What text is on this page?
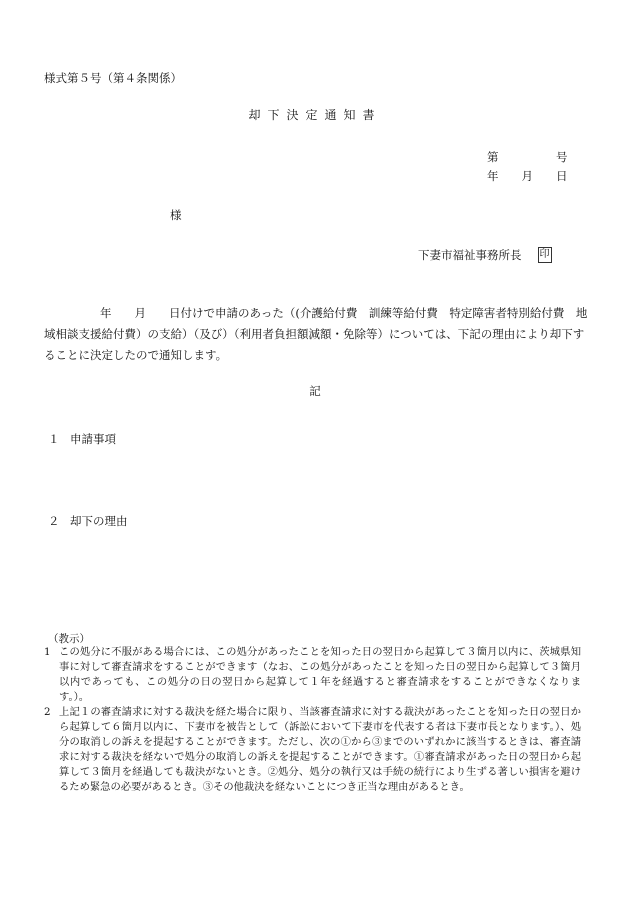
様式第５号（第４条関係）
却下決定通知書
第　　　　　号
年　　月　　日
様
下妻市福祉事務所長 印
年　　月　　日付けで申請のあった（(介護給付費　訓練等給付費　特定障害者特別給付費　地域相談支援給付費）の支給）（及び）（利用者負担額減額・免除等）については、下記の理由により却下することに決定したので通知します。
記
１ 申請事項
２ 却下の理由
（教示）
1 この処分に不服がある場合には、この処分があったことを知った日の翌日から起算して３箇月以内に、茨城県知事に対して審査請求をすることができます（なお、この処分があったことを知った日の翌日から起算して３箇月以内であっても、この処分の日の翌日から起算して１年を経過すると審査請求をすることができなくなります。）。
2 上記１の審査請求に対する裁決を経た場合に限り、当該審査請求に対する裁決があったことを知った日の翌日から起算して６箇月以内に、下妻市を被告として（訴訟において下妻市を代表する者は下妻市長となります。）、処分の取消しの訴えを提起することができます。ただし、次の①から③までのいずれかに該当するときは、審査請求に対する裁決を経ないで処分の取消しの訴えを提起することができます。①審査請求があった日の翌日から起算して３箇月を経過しても裁決がないとき。②処分、処分の執行又は手続の続行により生ずる著しい損害を避けるため緊急の必要があるとき。③その他裁決を経ないことにつき正当な理由があるとき。
